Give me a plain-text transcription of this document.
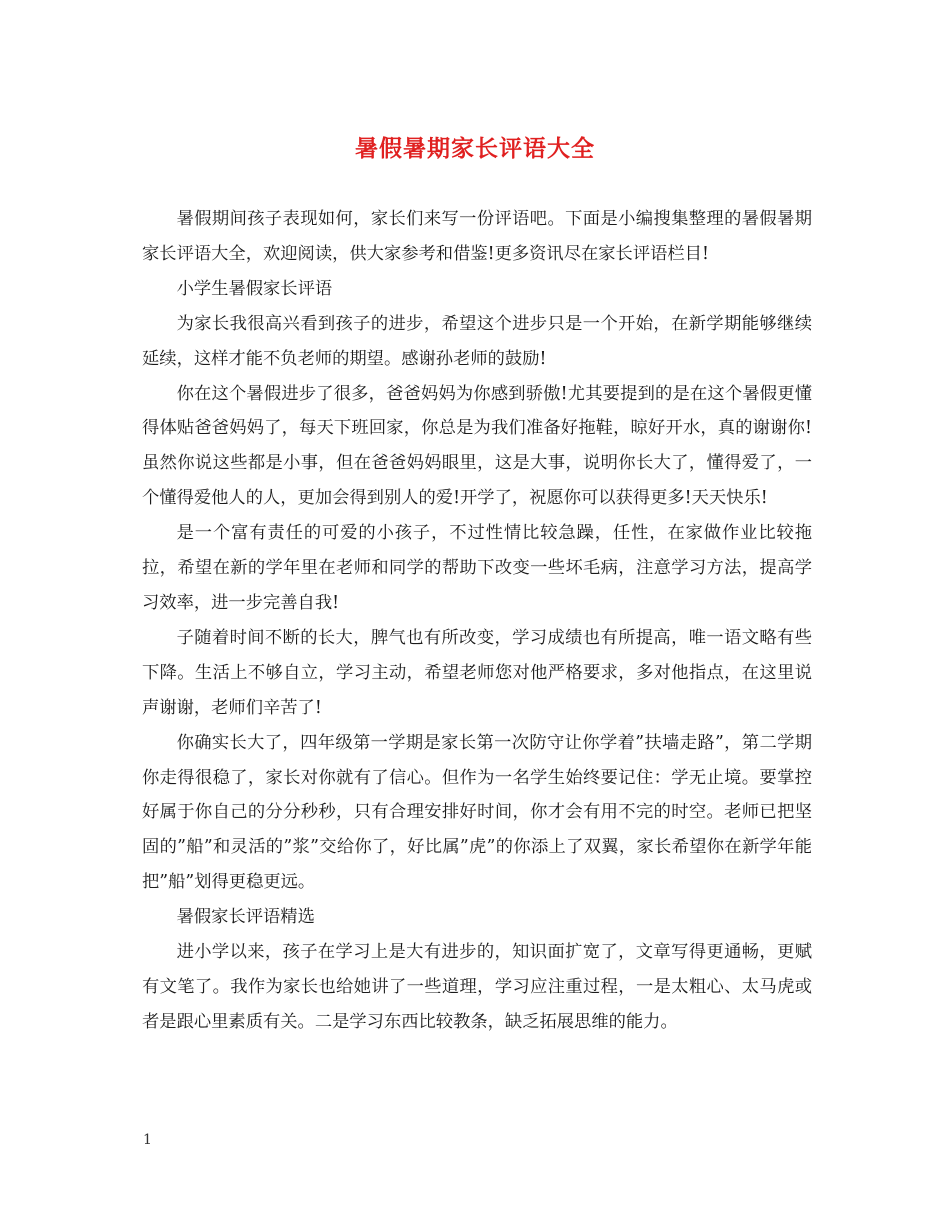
暑假暑期家长评语大全

暑假期间孩子表现如何，家长们来写一份评语吧。下面是小编搜集整理的暑假暑期家长评语大全，欢迎阅读，供大家参考和借鉴!更多资讯尽在家长评语栏目!

小学生暑假家长评语

为家长我很高兴看到孩子的进步，希望这个进步只是一个开始，在新学期能够继续延续，这样才能不负老师的期望。感谢孙老师的鼓励!

你在这个暑假进步了很多，爸爸妈妈为你感到骄傲!尤其要提到的是在这个暑假更懂得体贴爸爸妈妈了，每天下班回家，你总是为我们准备好拖鞋，晾好开水，真的谢谢你!虽然你说这些都是小事，但在爸爸妈妈眼里，这是大事，说明你长大了，懂得爱了，一个懂得爱他人的人，更加会得到别人的爱!开学了，祝愿你可以获得更多!天天快乐!

是一个富有责任的可爱的小孩子，不过性情比较急躁，任性，在家做作业比较拖拉，希望在新的学年里在老师和同学的帮助下改变一些坏毛病，注意学习方法，提高学习效率，进一步完善自我!

子随着时间不断的长大，脾气也有所改变，学习成绩也有所提高，唯一语文略有些下降。生活上不够自立，学习主动，希望老师您对他严格要求，多对他指点，在这里说声谢谢，老师们辛苦了!

你确实长大了，四年级第一学期是家长第一次防守让你学着”扶墙走路”，第二学期你走得很稳了，家长对你就有了信心。但作为一名学生始终要记住：学无止境。要掌控好属于你自己的分分秒秒，只有合理安排好时间，你才会有用不完的时空。老师已把坚固的”船”和灵活的”浆”交给你了，好比属”虎”的你添上了双翼，家长希望你在新学年能把”船”划得更稳更远。

暑假家长评语精选

进小学以来，孩子在学习上是大有进步的，知识面扩宽了，文章写得更通畅，更赋有文笔了。我作为家长也给她讲了一些道理，学习应注重过程，一是太粗心、太马虎或者是跟心里素质有关。二是学习东西比较教条，缺乏拓展思维的能力。

1
